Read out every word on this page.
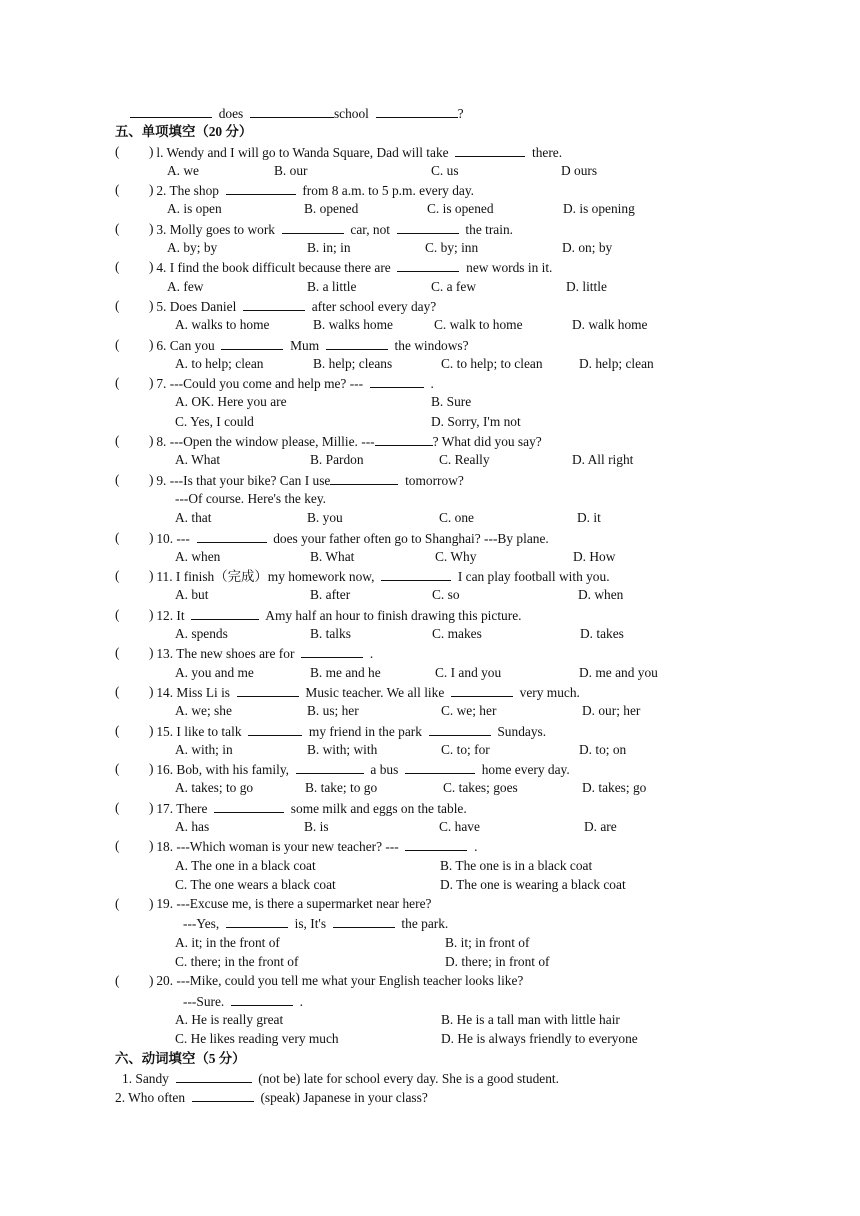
does	school	?
五、单项填空（20 分）
( ) l. Wendy and I will go to Wanda Square, Dad will take	there.
A. we	B. our	C. us	D ours
( ) 2. The shop	from 8 a.m. to 5 p.m. every day.
A. is open	B. opened	C. is opened	D. is opening
( ) 3. Molly goes to work	car, not	the train.
A. by; by	B. in; in	C. by; inn	D. on; by
( ) 4. I find the book difficult because there are	new words in it.
A. few	B. a little	C. a few	D. little
( ) 5. Does Daniel	after school every day?
A. walks to home	B. walks home	C. walk to home	D. walk home
( ) 6. Can you	Mum	the windows?
A. to help; clean	B. help; cleans	C. to help; to clean	D. help; clean
( ) 7. ---Could you come and help me? ---	.
A. OK. Here you are	B. Sure
C. Yes, I could	D. Sorry, I'm not
( ) 8. ---Open the window please, Millie. ---	? What did you say?
A. What	B. Pardon	C. Really	D. All right
( ) 9. ---Is that your bike? Can I use	tomorrow?
---Of course. Here's the key.
A. that	B. you	C. one	D. it
( ) 10. ---	does your father often go to Shanghai? ---By plane.
A. when	B. What	C. Why	D. How
( ) 11. I finish（完成）my homework now,	I can play football with you.
A. but	B. after	C. so	D. when
( ) 12. It	Amy half an hour to finish drawing this picture.
A. spends	B. talks	C. makes	D. takes
( ) 13. The new shoes are for	.
A. you and me	B. me and he	C. I and you	D. me and you
( ) 14. Miss Li is	Music teacher. We all like	very much.
A. we; she	B. us; her	C. we; her	D. our; her
( ) 15. I like to talk	my friend in the park	Sundays.
A. with; in	B. with; with	C. to; for	D. to; on
( ) 16. Bob, with his family,	a bus	home every day.
A. takes; to go	B. take; to go	C. takes; goes	D. takes; go
( ) 17. There	some milk and eggs on the table.
A. has	B. is	C. have	D. are
( ) 18. ---Which woman is your new teacher? ---	.
A. The one in a black coat	B. The one is in a black coat
C. The one wears a black coat	D. The one is wearing a black coat
( ) 19. ---Excuse me, is there a supermarket near here?
---Yes,	is, It's	the park.
A. it; in the front of	B. it; in front of
C. there; in the front of	D. there; in front of
( ) 20. ---Mike, could you tell me what your English teacher looks like?
---Sure.	.
A. He is really great	B. He is a tall man with little hair
C. He likes reading very much	D. He is always friendly to everyone
六、动词填空（5 分）
1. Sandy	(not be) late for school every day. She is a good student.
2. Who often	(speak) Japanese in your class?
